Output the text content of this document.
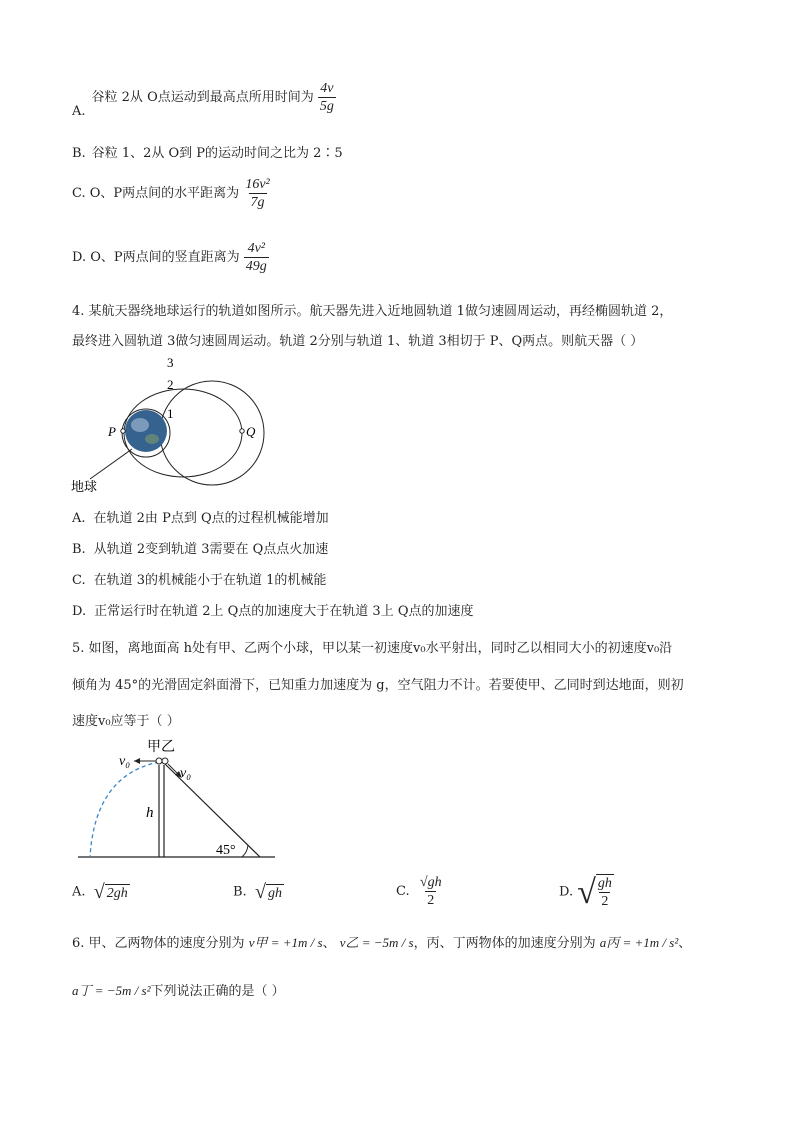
A.谷粒 2从 O点运动到最高点所用时间为 $\frac{4v}{5g}$
B. 谷粒 1、2从 O到 P的运动时间之比为 2∶5
C. O、P两点间的水平距离为 $\frac{\text{16v²}}{7g}$
D. O、P两点间的竖直距离为 $\frac{\text{4v²}}{49g}$
4. 某航天器绕地球运行的轨道如图所示。航天器先进入近地圆轨道 1做匀速圆周运动，再经椭圆轨道 2，
最终进入圆轨道 3做匀速圆周运动。轨道 2分别与轨道 1、轨道 3相切于 P、Q两点。则航天器（ ）
3
2
1
P	Q
地球
A. 在轨道 2由 P点到 Q点的过程机械能增加
B. 从轨道 2变到轨道 3需要在 Q点点火加速
C. 在轨道 3的机械能小于在轨道 1的机械能
D. 正常运行时在轨道 2上 Q点的加速度大于在轨道 3上 Q点的加速度
5. 如图，离地面高 h处有甲、乙两个小球，甲以某一初速度v₀水平射出，同时乙以相同大小的初速度v₀沿
倾角为 45°的光滑固定斜面滑下，已知重力加速度为 g，空气阻力不计。若要使甲、乙同时到达地面，则初
速度v₀应等于（ ）
甲乙
v₀
v₀
h
45°
A. √ 2gh	B. √ gh	C. $\frac{√gh}{2}$	D. √ $\frac{gh}{2}$
6. 甲、乙两物体的速度分别为 v甲 = +1m / s、 v乙 = −5m / s，丙、丁两物体的加速度分别为 a丙 = +1m / s²、
a丁 = −5m / s²下列说法正确的是（ ）
